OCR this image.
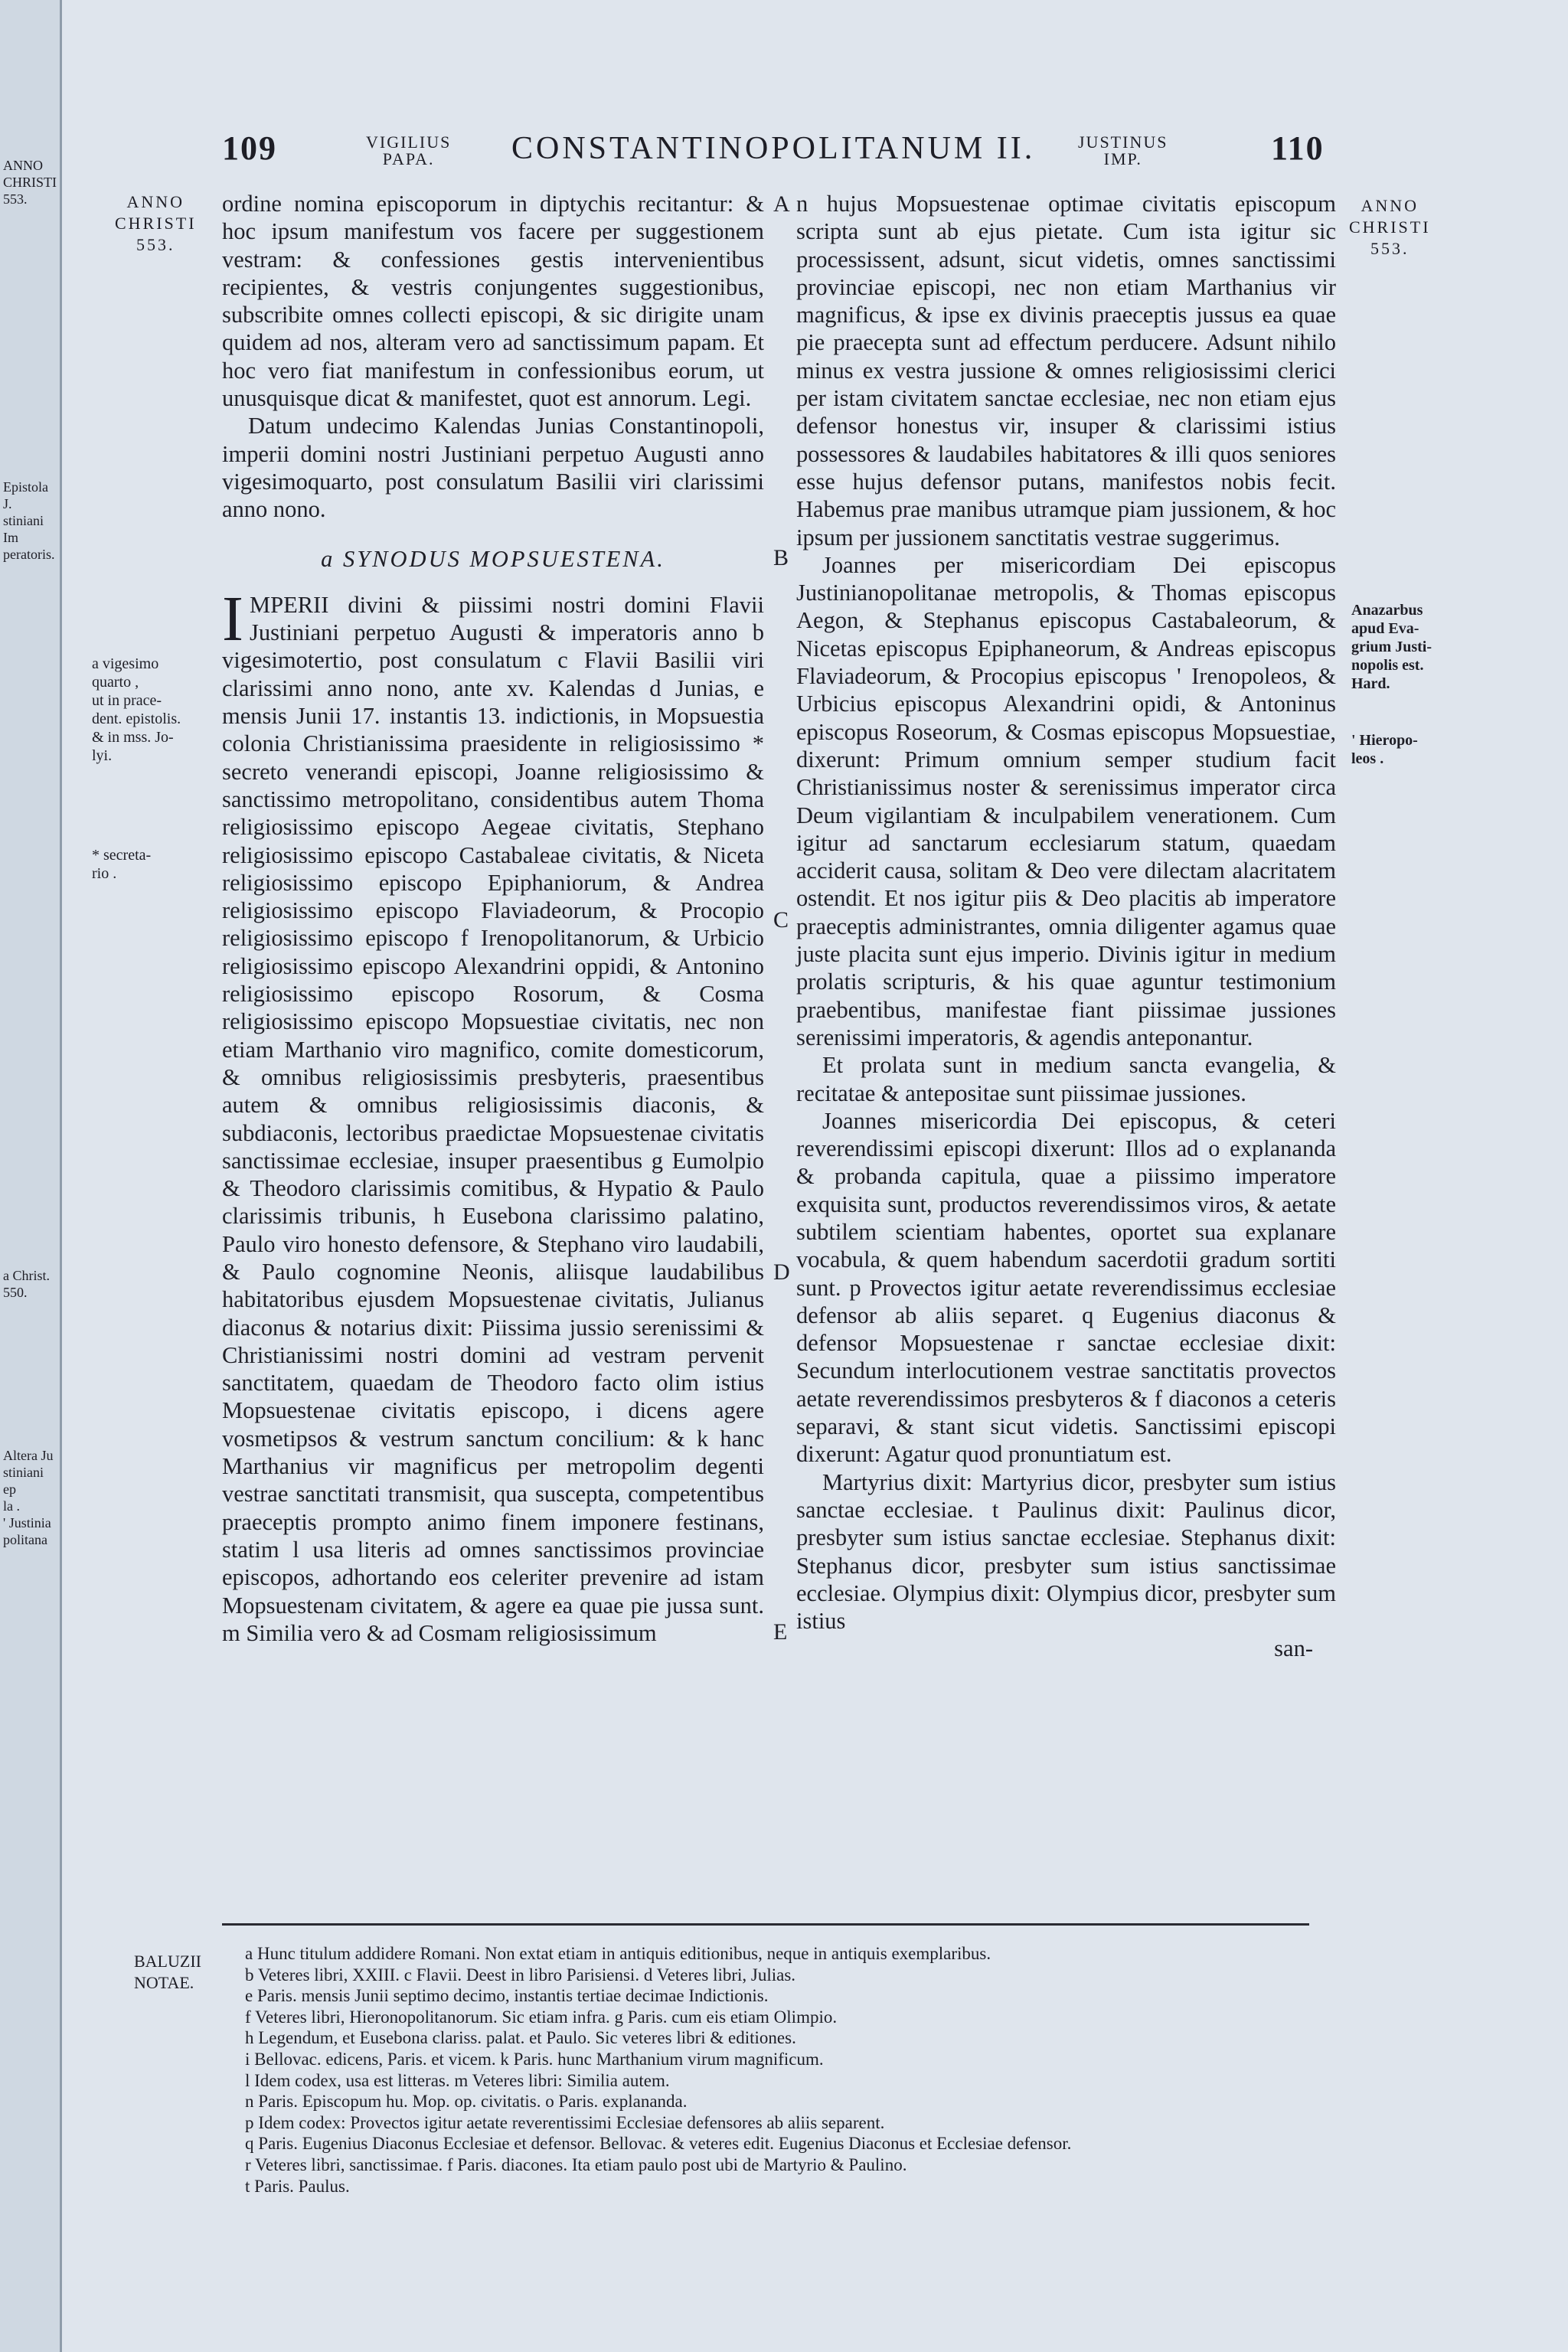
ANNO
CHRISTI
553.
Epistola J.
stiniani Im
peratoris.
a Christ.
550.
Altera Ju
stiniani ep
la .
' Justinia
politana
109	VIGILIUS
PAPA.	CONSTANTINOPOLITANUM II.	JUSTINUS
IMP.	110
ANNO
CHRISTI
553.
a vigesimo
quarto ,
ut in prace-
dent. epistolis.
& in mss. Jo-
lyi.
* secreta-
rio .

ordine nomina episcoporum in diptychis recitantur: & hoc ipsum manifestum vos facere per suggestionem vestram: & confessiones gestis intervenientibus recipientes, & vestris conjungentes suggestionibus, subscribite omnes collecti episcopi, & sic dirigite unam quidem ad nos, alteram vero ad sanctissimum papam. Et hoc vero fiat manifestum in confessionibus eorum, ut unusquisque dicat & manifestet, quot est annorum. Legi.

Datum undecimo Kalendas Junias Constantinopoli, imperii domini nostri Justiniani perpetuo Augusti anno vigesimoquarto, post consulatum Basilii viri clarissimi anno nono.

a SYNODUS MOPSUESTENA.

IMPERII divini & piissimi nostri domini Flavii Justiniani perpetuo Augusti & imperatoris anno b vigesimotertio, post consulatum c Flavii Basilii viri clarissimi anno nono, ante xv. Kalendas d Junias, e mensis Junii 17. instantis 13. indictionis, in Mopsuestia colonia Christianissima praesidente in religiosissimo * secreto venerandi episcopi, Joanne religiosissimo & sanctissimo metropolitano, considentibus autem Thoma religiosissimo episcopo Aegeae civitatis, Stephano religiosissimo episcopo Castabaleae civitatis, & Niceta religiosissimo episcopo Epiphaniorum, & Andrea religiosissimo episcopo Flaviadeorum, & Procopio religiosissimo episcopo f Irenopolitanorum, & Urbicio religiosissimo episcopo Alexandrini oppidi, & Antonino religiosissimo episcopo Rosorum, & Cosma religiosissimo episcopo Mopsuestiae civitatis, nec non etiam Marthanio viro magnifico, comite domesticorum, & omnibus religiosissimis presbyteris, praesentibus autem & omnibus religiosissimis diaconis, & subdiaconis, lectoribus praedictae Mopsuestenae civitatis sanctissimae ecclesiae, insuper praesentibus g Eumolpio & Theodoro clarissimis comitibus, & Hypatio & Paulo clarissimis tribunis, h Eusebona clarissimo palatino, Paulo viro honesto defensore, & Stephano viro laudabili, & Paulo cognomine Neonis, aliisque laudabilibus habitatoribus ejusdem Mopsuestenae civitatis, Julianus diaconus & notarius dixit: Piissima jussio serenissimi & Christianissimi nostri domini ad vestram pervenit sanctitatem, quaedam de Theodoro facto olim istius Mopsuestenae civitatis episcopo, i dicens agere vosmetipsos & vestrum sanctum concilium: & k hanc Marthanius vir magnificus per metropolim degenti vestrae sanctitati transmisit, qua suscepta, competentibus praeceptis prompto animo finem imponere festinans, statim l usa literis ad omnes sanctissimos provinciae episcopos, adhortando eos celeriter prevenire ad istam Mopsuestenam civitatem, & agere ea quae pie jussa sunt. m Similia vero & ad Cosmam religiosissimum

A
B
C
D
E

n hujus Mopsuestenae optimae civitatis episcopum scripta sunt ab ejus pietate. Cum ista igitur sic processissent, adsunt, sicut videtis, omnes sanctissimi provinciae episcopi, nec non etiam Marthanius vir magnificus, & ipse ex divinis praeceptis jussus ea quae pie praecepta sunt ad effectum perducere. Adsunt nihilo minus ex vestra jussione & omnes religiosissimi clerici per istam civitatem sanctae ecclesiae, nec non etiam ejus defensor honestus vir, insuper & clarissimi istius possessores & laudabiles habitatores & illi quos seniores esse hujus defensor putans, manifestos nobis fecit. Habemus prae manibus utramque piam jussionem, & hoc ipsum per jussionem sanctitatis vestrae suggerimus.

Joannes per misericordiam Dei episcopus Justinianopolitanae metropolis, & Thomas episcopus Aegon, & Stephanus episcopus Castabaleorum, & Nicetas episcopus Epiphaneorum, & Andreas episcopus Flaviadeorum, & Procopius episcopus ' Irenopoleos, & Urbicius episcopus Alexandrini opidi, & Antoninus episcopus Roseorum, & Cosmas episcopus Mopsuestiae, dixerunt: Primum omnium semper studium facit Christianissimus noster & serenissimus imperator circa Deum vigilantiam & inculpabilem venerationem. Cum igitur ad sanctarum ecclesiarum statum, quaedam acciderit causa, solitam & Deo vere dilectam alacritatem ostendit. Et nos igitur piis & Deo placitis ab imperatore praeceptis administrantes, omnia diligenter agamus quae juste placita sunt ejus imperio. Divinis igitur in medium prolatis scripturis, & his quae aguntur testimonium praebentibus, manifestae fiant piissimae jussiones serenissimi imperatoris, & agendis anteponantur.

Et prolata sunt in medium sancta evangelia, & recitatae & antepositae sunt piissimae jussiones.

Joannes misericordia Dei episcopus, & ceteri reverendissimi episcopi dixerunt: Illos ad o explananda & probanda capitula, quae a piissimo imperatore exquisita sunt, productos reverendissimos viros, & aetate subtilem scientiam habentes, oportet sua explanare vocabula, & quem habendum sacerdotii gradum sortiti sunt. p Provectos igitur aetate reverendissimus ecclesiae defensor ab aliis separet. q Eugenius diaconus & defensor Mopsuestenae r sanctae ecclesiae dixit: Secundum interlocutionem vestrae sanctitatis provectos aetate reverendissimos presbyteros & f diaconos a ceteris separavi, & stant sicut videtis. Sanctissimi episcopi dixerunt: Agatur quod pronuntiatum est.

Martyrius dixit: Martyrius dicor, presbyter sum istius sanctae ecclesiae. t Paulinus dixit: Paulinus dicor, presbyter sum istius sanctae ecclesiae. Stephanus dixit: Stephanus dicor, presbyter sum istius sanctissimae ecclesiae. Olympius dixit: Olympius dicor, presbyter sum istius

san-

ANNO
CHRISTI
553.
Anazarbus
apud Eva-
grium Justi-
nopolis est.
Hard.
' Hieropo-
leos .
BALUZII
NOTAE.
a Hunc titulum addidere Romani. Non extat etiam in antiquis editionibus, neque in antiquis exemplaribus.
b Veteres libri, XXIII. c Flavii. Deest in libro Parisiensi. d Veteres libri, Julias.
e Paris. mensis Junii septimo decimo, instantis tertiae decimae Indictionis.
f Veteres libri, Hieronopolitanorum. Sic etiam infra. g Paris. cum eis etiam Olimpio.
h Legendum, et Eusebona clariss. palat. et Paulo. Sic veteres libri & editiones.
i Bellovac. edicens, Paris. et vicem. k Paris. hunc Marthanium virum magnificum.
l Idem codex, usa est litteras. m Veteres libri: Similia autem.
n Paris. Episcopum hu. Mop. op. civitatis. o Paris. explananda.
p Idem codex: Provectos igitur aetate reverentissimi Ecclesiae defensores ab aliis separent.
q Paris. Eugenius Diaconus Ecclesiae et defensor. Bellovac. & veteres edit. Eugenius Diaconus et Ecclesiae defensor.
r Veteres libri, sanctissimae. f Paris. diacones. Ita etiam paulo post ubi de Martyrio & Paulino.
t Paris. Paulus.
